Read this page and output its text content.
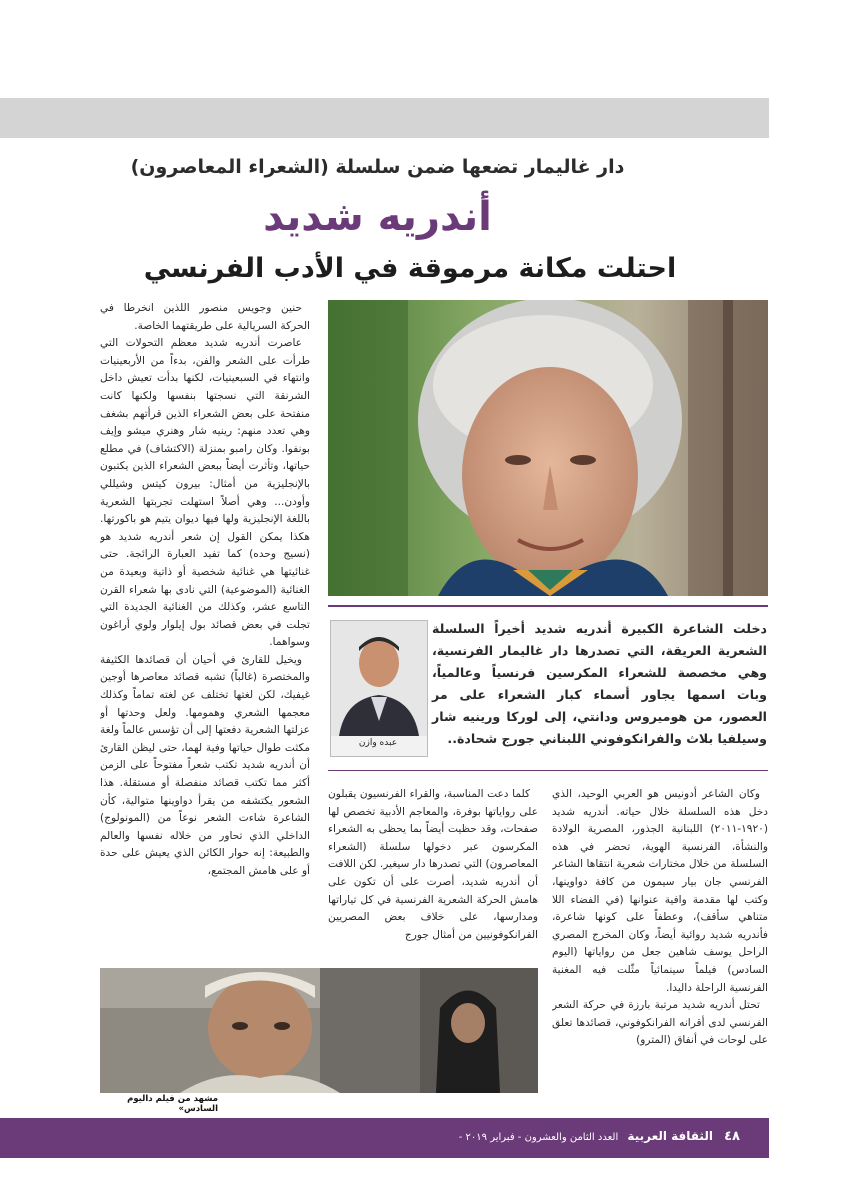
دار غاليمار تضعها ضمن سلسلة (الشعراء المعاصرون)
أندريه شديد
احتلت مكانة مرموقة في الأدب الفرنسي

حنين وجويس منصور اللذين انخرطا في الحركة السريالية على طريقتهما الخاصة.

عاصرت أندريه شديد معظم التحولات التي طرأت على الشعر والفن، بدءاً من الأربعينيات وانتهاء في السبعينيات، لكنها بدأت تعيش داخل الشرنقة التي نسجتها بنفسها ولكنها كانت منفتحة على بعض الشعراء الذين قرأتهم بشغف وهي تعدد منهم: رينيه شار وهنري ميشو وإيف بونفوا. وكان رامبو بمنزلة (الاكتشاف) في مطلع حياتها، وتأثرت أيضاً ببعض الشعراء الذين يكتبون بالإنجليزية من أمثال: بيرون كيتس وشيللي وأودن... وهي أصلاً استهلت تجربتها الشعرية باللغة الإنجليزية ولها فيها ديوان يتيم هو باكورتها. هكذا يمكن القول إن شعر أندريه شديد هو (نسيج وحده) كما تفيد العبارة الرائجة. حتى غنائيتها هي غنائية شخصية أو ذاتية وبعيدة من الغنائية (الموضوعية) التي نادى بها شعراء القرن التاسع عشر، وكذلك من الغنائية الجديدة التي تجلت في بعض قصائد بول إيلوار ولوي أراغون وسواهما.

ويخيل للقارئ في أحيان أن قصائدها الكثيفة والمختصرة (غالباً) تشبه قصائد معاصرها أوجين غيفيك، لكن لغتها تختلف عن لغته تماماً وكذلك معجمها الشعري وهمومها. ولعل وحدتها أو عزلتها الشعرية دفعتها إلى أن تؤسس عالماً ولغة مكثت طوال حياتها وفية لهما، حتى ليظن القارئ أن أندريه شديد تكتب شعراً مفتوحاً على الزمن أكثر مما تكتب قصائد منفصلة أو مستقلة. هذا الشعور يكتشفه من يقرأ دواوينها متوالية، كأن الشاعرة شاءت الشعر نوعاً من (المونولوج) الداخلي الذي تحاور من خلاله نفسها والعالم والطبيعة: إنه حوار الكائن الذي يعيش على حدة أو على هامش المجتمع،

عبده وازن
دخلت الشاعرة الكبيرة أندريه شديد أخيراً السلسلة الشعرية العريقة، التي تصدرها دار غاليمار الفرنسية، وهي مخصصة للشعراء المكرسين فرنسياً وعالمياً، وبات اسمها يجاور أسماء كبار الشعراء على مر العصور، من هوميروس ودانتي، إلى لوركا ورينيه شار وسيلفيا بلاث والفرانكوفوني اللبناني جورج شحادة..

كلما دعت المناسبة، والقراء الفرنسيون يقبلون على رواياتها بوفرة، والمعاجم الأدبية تخصص لها صفحات، وقد حظيت أيضاً بما يحظى به الشعراء المكرسون عبر دخولها سلسلة (الشعراء المعاصرون) التي تصدرها دار سيغير. لكن اللافت أن أندريه شديد، أصرت على أن تكون على هامش الحركة الشعرية الفرنسية في كل تياراتها ومدارسها، على خلاف بعض المصريين الفرانكوفونيين من أمثال جورج

وكان الشاعر أدونيس هو العربي الوحيد، الذي دخل هذه السلسلة خلال حياته. أندريه شديد (١٩٢٠-٢٠١١) اللبنانية الجذور، المصرية الولادة والنشأة، الفرنسية الهوية، تحضر في هذه السلسلة من خلال مختارات شعرية انتقاها الشاعر الفرنسي جان بيار سيمون من كافة دواوينها، وكتب لها مقدمة وافية عنوانها (في الفضاء اللا متناهي سأقف)، وعطفاً على كونها شاعرة، فأندريه شديد روائية أيضاً، وكان المخرج المصري الراحل يوسف شاهين جعل من رواياتها (اليوم السادس) فيلماً سينمائياً مثّلت فيه المغنية الفرنسية الراحلة داليدا.

تحتل أندريه شديد مرتبة بارزة في حركة الشعر الفرنسي لدى أقرانه الفرانكوفوني، قصائدها تعلق على لوحات في أنفاق (المترو)

مشهد من فيلم داليوم السادس»
٤٨ الثقافة العربية العدد الثامن والعشرون - فبراير ٢٠١٩ -
